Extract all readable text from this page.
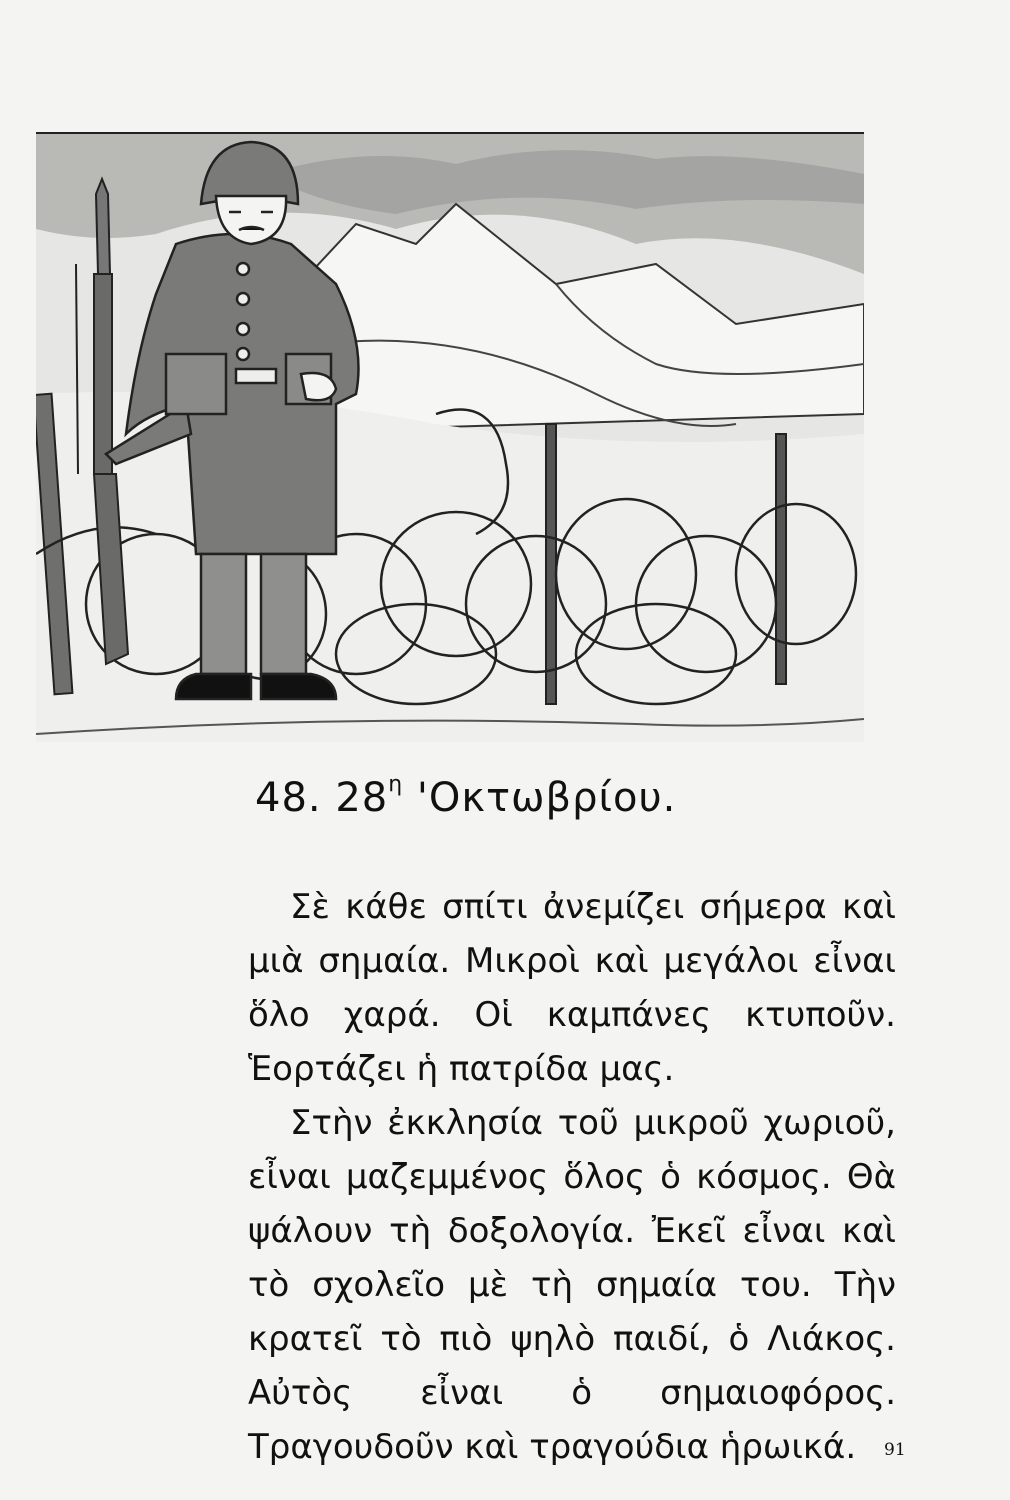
48. $28^\eta$ 'Οκτωβρίου.

Σὲ κάθε σπίτι ἀνεμίζει σήμερα καὶ μιὰ σημαία. Μικροὶ καὶ μεγάλοι εἶναι ὅλο χαρά. Οἱ καμπάνες κτυποῦν. Ἑορτάζει ἡ πατρίδα μας.

Στὴν ἐκκλησία τοῦ μικροῦ χωριοῦ, εἶναι μαζεμμένος ὅλος ὁ κόσμος. Θὰ ψάλουν τὴ δοξολογία. Ἐκεῖ εἶναι καὶ τὸ σχολεῖο μὲ τὴ σημαία του. Τὴν κρατεῖ τὸ πιὸ ψηλὸ παιδί, ὁ Λιάκος. Αὐτὸς εἶναι ὁ σημαιοφόρος. Τραγουδοῦν καὶ τραγούδια ἡρωικά.	91
